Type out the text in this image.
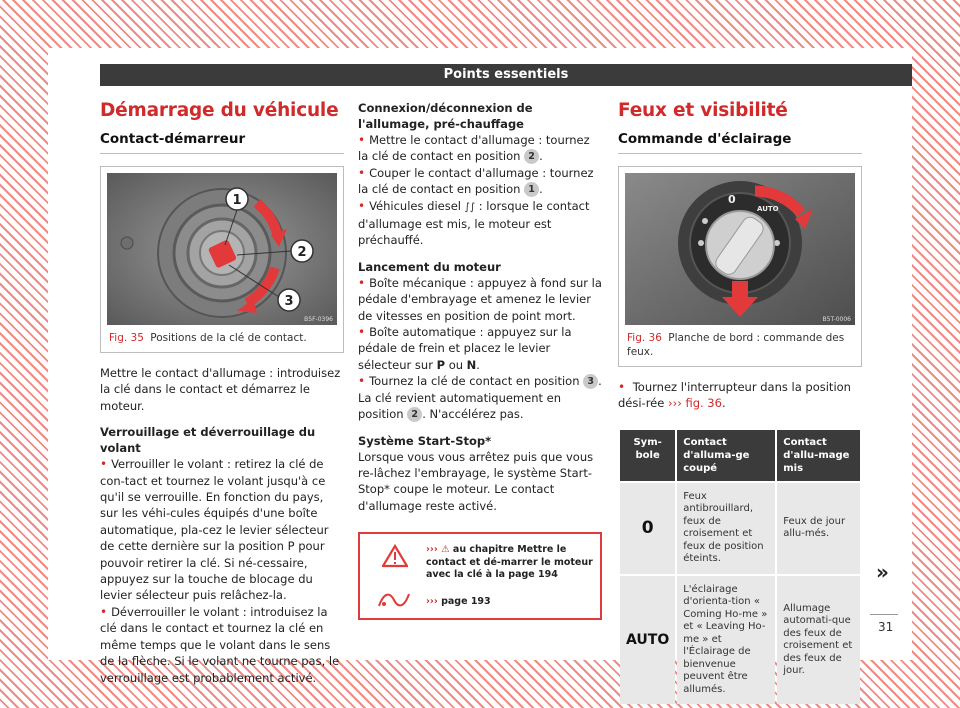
Points essentiels
Démarrage du véhicule
Contact-démarreur
1
2
3
B5F-0396
Fig. 35 Positions de la clé de contact.

Mettre le contact d'allumage : introduisez la clé dans le contact et démarrez le moteur.

Verrouillage et déverrouillage du volant

• Verrouiller le volant : retirez la clé de con-tact et tournez le volant jusqu'à ce qu'il se verrouille. En fonction du pays, sur les véhi-cules équipés d'une boîte automatique, pla-cez le levier sélecteur de cette dernière sur la position P pour pouvoir retirer la clé. Si né-cessaire, appuyez sur la touche de blocage du levier sélecteur puis relâchez-la.

• Déverrouiller le volant : introduisez la clé dans le contact et tournez la clé en même temps que le volant dans le sens de la flèche. Si le volant ne tourne pas, le verrouillage est probablement activé.

Connexion/déconnexion de l'allumage, pré-chauffage

• Mettre le contact d'allumage : tournez la clé de contact en position 2 .

• Couper le contact d'allumage : tournez la clé de contact en position 1 .

• Véhicules diesel ∫∫ : lorsque le contact d'allumage est mis, le moteur est préchauffé.

Lancement du moteur

• Boîte mécanique : appuyez à fond sur la pédale d'embrayage et amenez le levier de vitesses en position de point mort.

• Boîte automatique : appuyez sur la pédale de frein et placez le levier sélecteur sur P ou N.

• Tournez la clé de contact en position 3 . La clé revient automatiquement en position 2 . N'accélérez pas.

Système Start-Stop*

Lorsque vous vous arrêtez puis que vous re-lâchez l'embrayage, le système Start-Stop* coupe le moteur. Le contact d'allumage reste activé.

››› ⚠ au chapitre Mettre le contact et dé-marrer le moteur avec la clé à la page 194
››› page 193
Feux et visibilité
Commande d'éclairage
0
AUTO
B5T-0006
Fig. 36 Planche de bord : commande des feux.

• Tournez l'interrupteur dans la position dési-rée ››› fig. 36.

Sym-bole	Contact d'alluma-ge coupé	Contact d'allu-mage mis
0	Feux antibrouillard, feux de croisement et feux de position éteints.	Feux de jour allu-més.
AUTO	L'éclairage d'orienta-tion « Coming Ho-me » et « Leaving Ho-me » et l'Éclairage de bienvenue peuvent être allumés.	Allumage automati-que des feux de croisement et des feux de jour.
»
31
